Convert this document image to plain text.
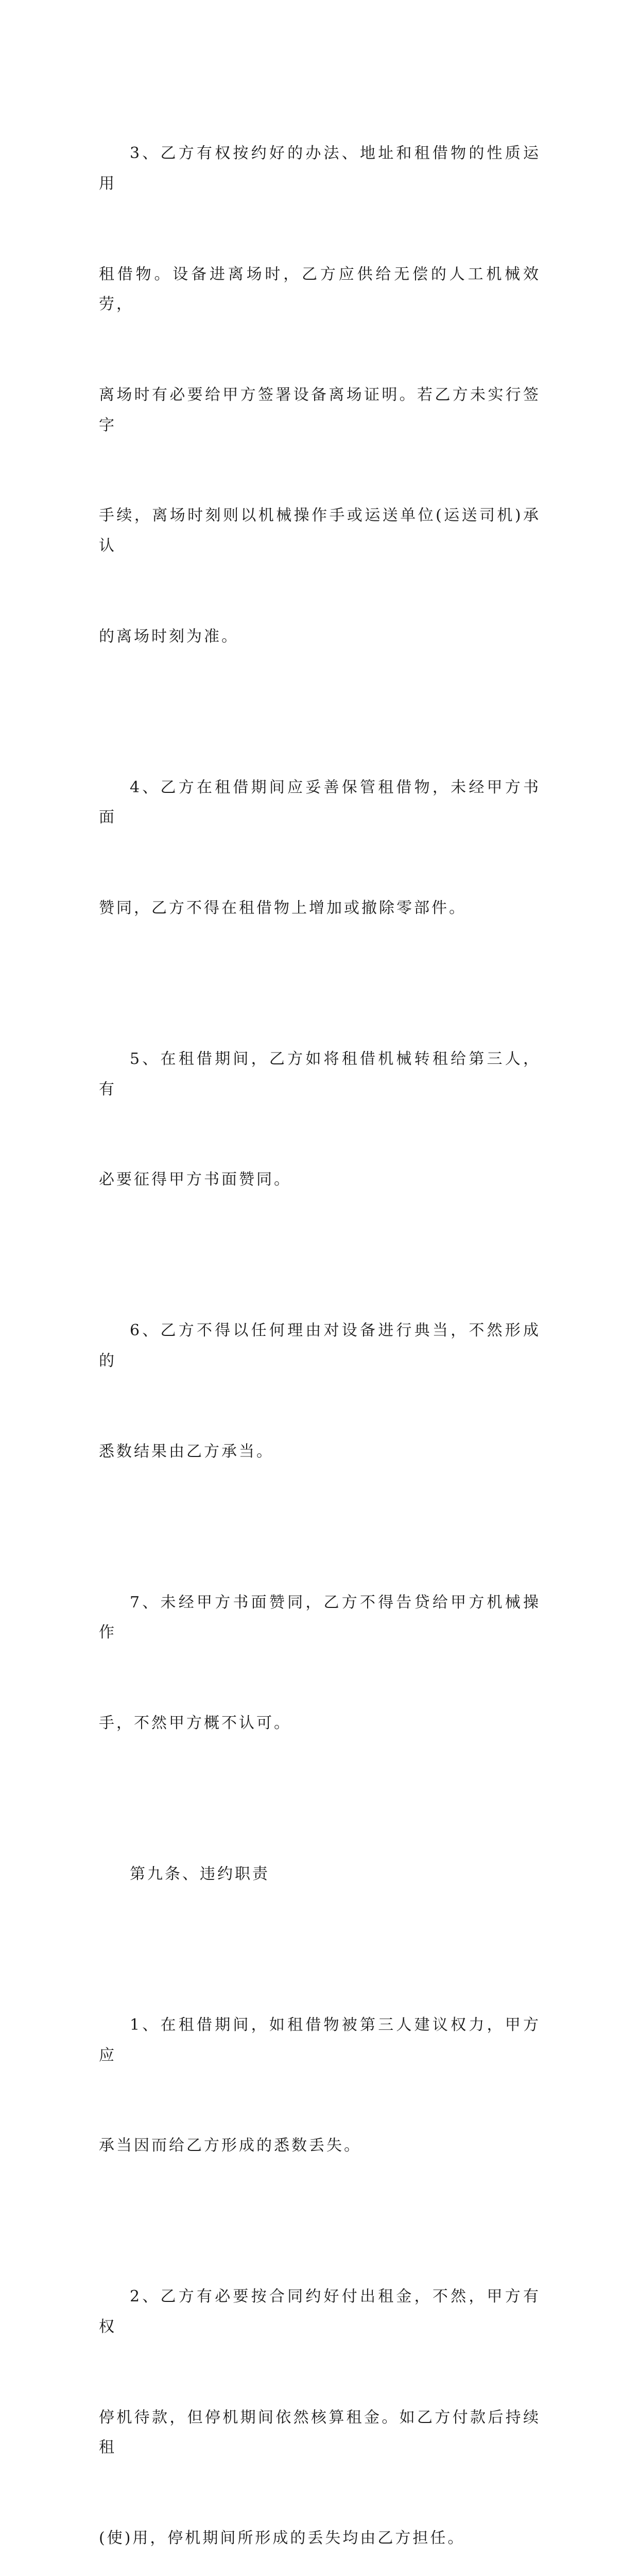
3、乙方有权按约好的办法、地址和租借物的性质运用

租借物。设备进离场时，乙方应供给无偿的人工机械效劳，

离场时有必要给甲方签署设备离场证明。若乙方未实行签字

手续，离场时刻则以机械操作手或运送单位(运送司机)承认

的离场时刻为准。

4、乙方在租借期间应妥善保管租借物，未经甲方书面

赞同，乙方不得在租借物上增加或撤除零部件。

5、在租借期间，乙方如将租借机械转租给第三人，有

必要征得甲方书面赞同。

6、乙方不得以任何理由对设备进行典当，不然形成的

悉数结果由乙方承当。

7、未经甲方书面赞同，乙方不得告贷给甲方机械操作

手，不然甲方概不认可。

第九条、违约职责

1、在租借期间，如租借物被第三人建议权力，甲方应

承当因而给乙方形成的悉数丢失。

2、乙方有必要按合同约好付出租金，不然，甲方有权

停机待款，但停机期间依然核算租金。如乙方付款后持续租

(使)用，停机期间所形成的丢失均由乙方担任。
